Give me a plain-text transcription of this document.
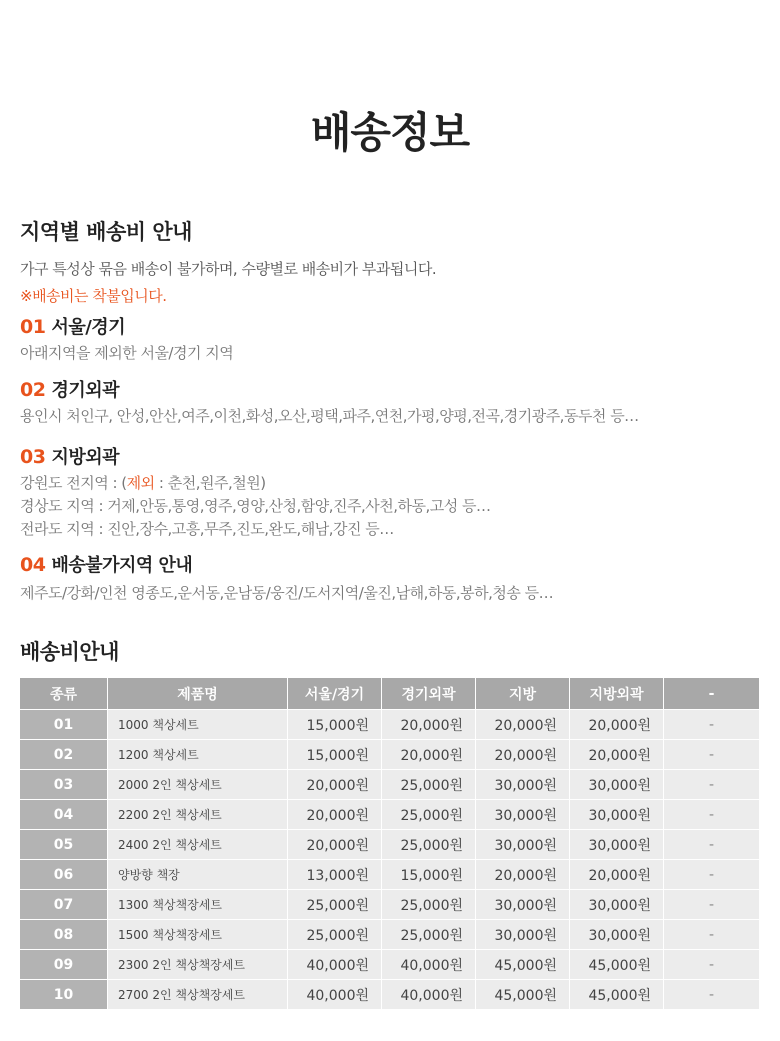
배송정보
지역별 배송비 안내
가구 특성상 묶음 배송이 불가하며, 수량별로 배송비가 부과됩니다.
※배송비는 착불입니다.
01 서울/경기
아래지역을 제외한 서울/경기 지역
02 경기외곽
용인시 처인구, 안성,안산,여주,이천,화성,오산,평택,파주,연천,가평,양평,전곡,경기광주,동두천 등…
03 지방외곽
강원도 전지역 : (제외 : 춘천,원주,철원)
경상도 지역 : 거제,안동,통영,영주,영양,산청,함양,진주,사천,하동,고성 등…
전라도 지역 : 진안,장수,고흥,무주,진도,완도,해남,강진 등…
04 배송불가지역 안내
제주도/강화/인천 영종도,운서동,운남동/웅진/도서지역/울진,남해,하동,봉하,청송 등…
배송비안내
종류	제품명	서울/경기	경기외곽	지방	지방외곽	-
01	1000 책상세트	15,000원	20,000원	20,000원	20,000원	-
02	1200 책상세트	15,000원	20,000원	20,000원	20,000원	-
03	2000 2인 책상세트	20,000원	25,000원	30,000원	30,000원	-
04	2200 2인 책상세트	20,000원	25,000원	30,000원	30,000원	-
05	2400 2인 책상세트	20,000원	25,000원	30,000원	30,000원	-
06	양방향 책장	13,000원	15,000원	20,000원	20,000원	-
07	1300 책상책장세트	25,000원	25,000원	30,000원	30,000원	-
08	1500 책상책장세트	25,000원	25,000원	30,000원	30,000원	-
09	2300 2인 책상책장세트	40,000원	40,000원	45,000원	45,000원	-
10	2700 2인 책상책장세트	40,000원	40,000원	45,000원	45,000원	-
